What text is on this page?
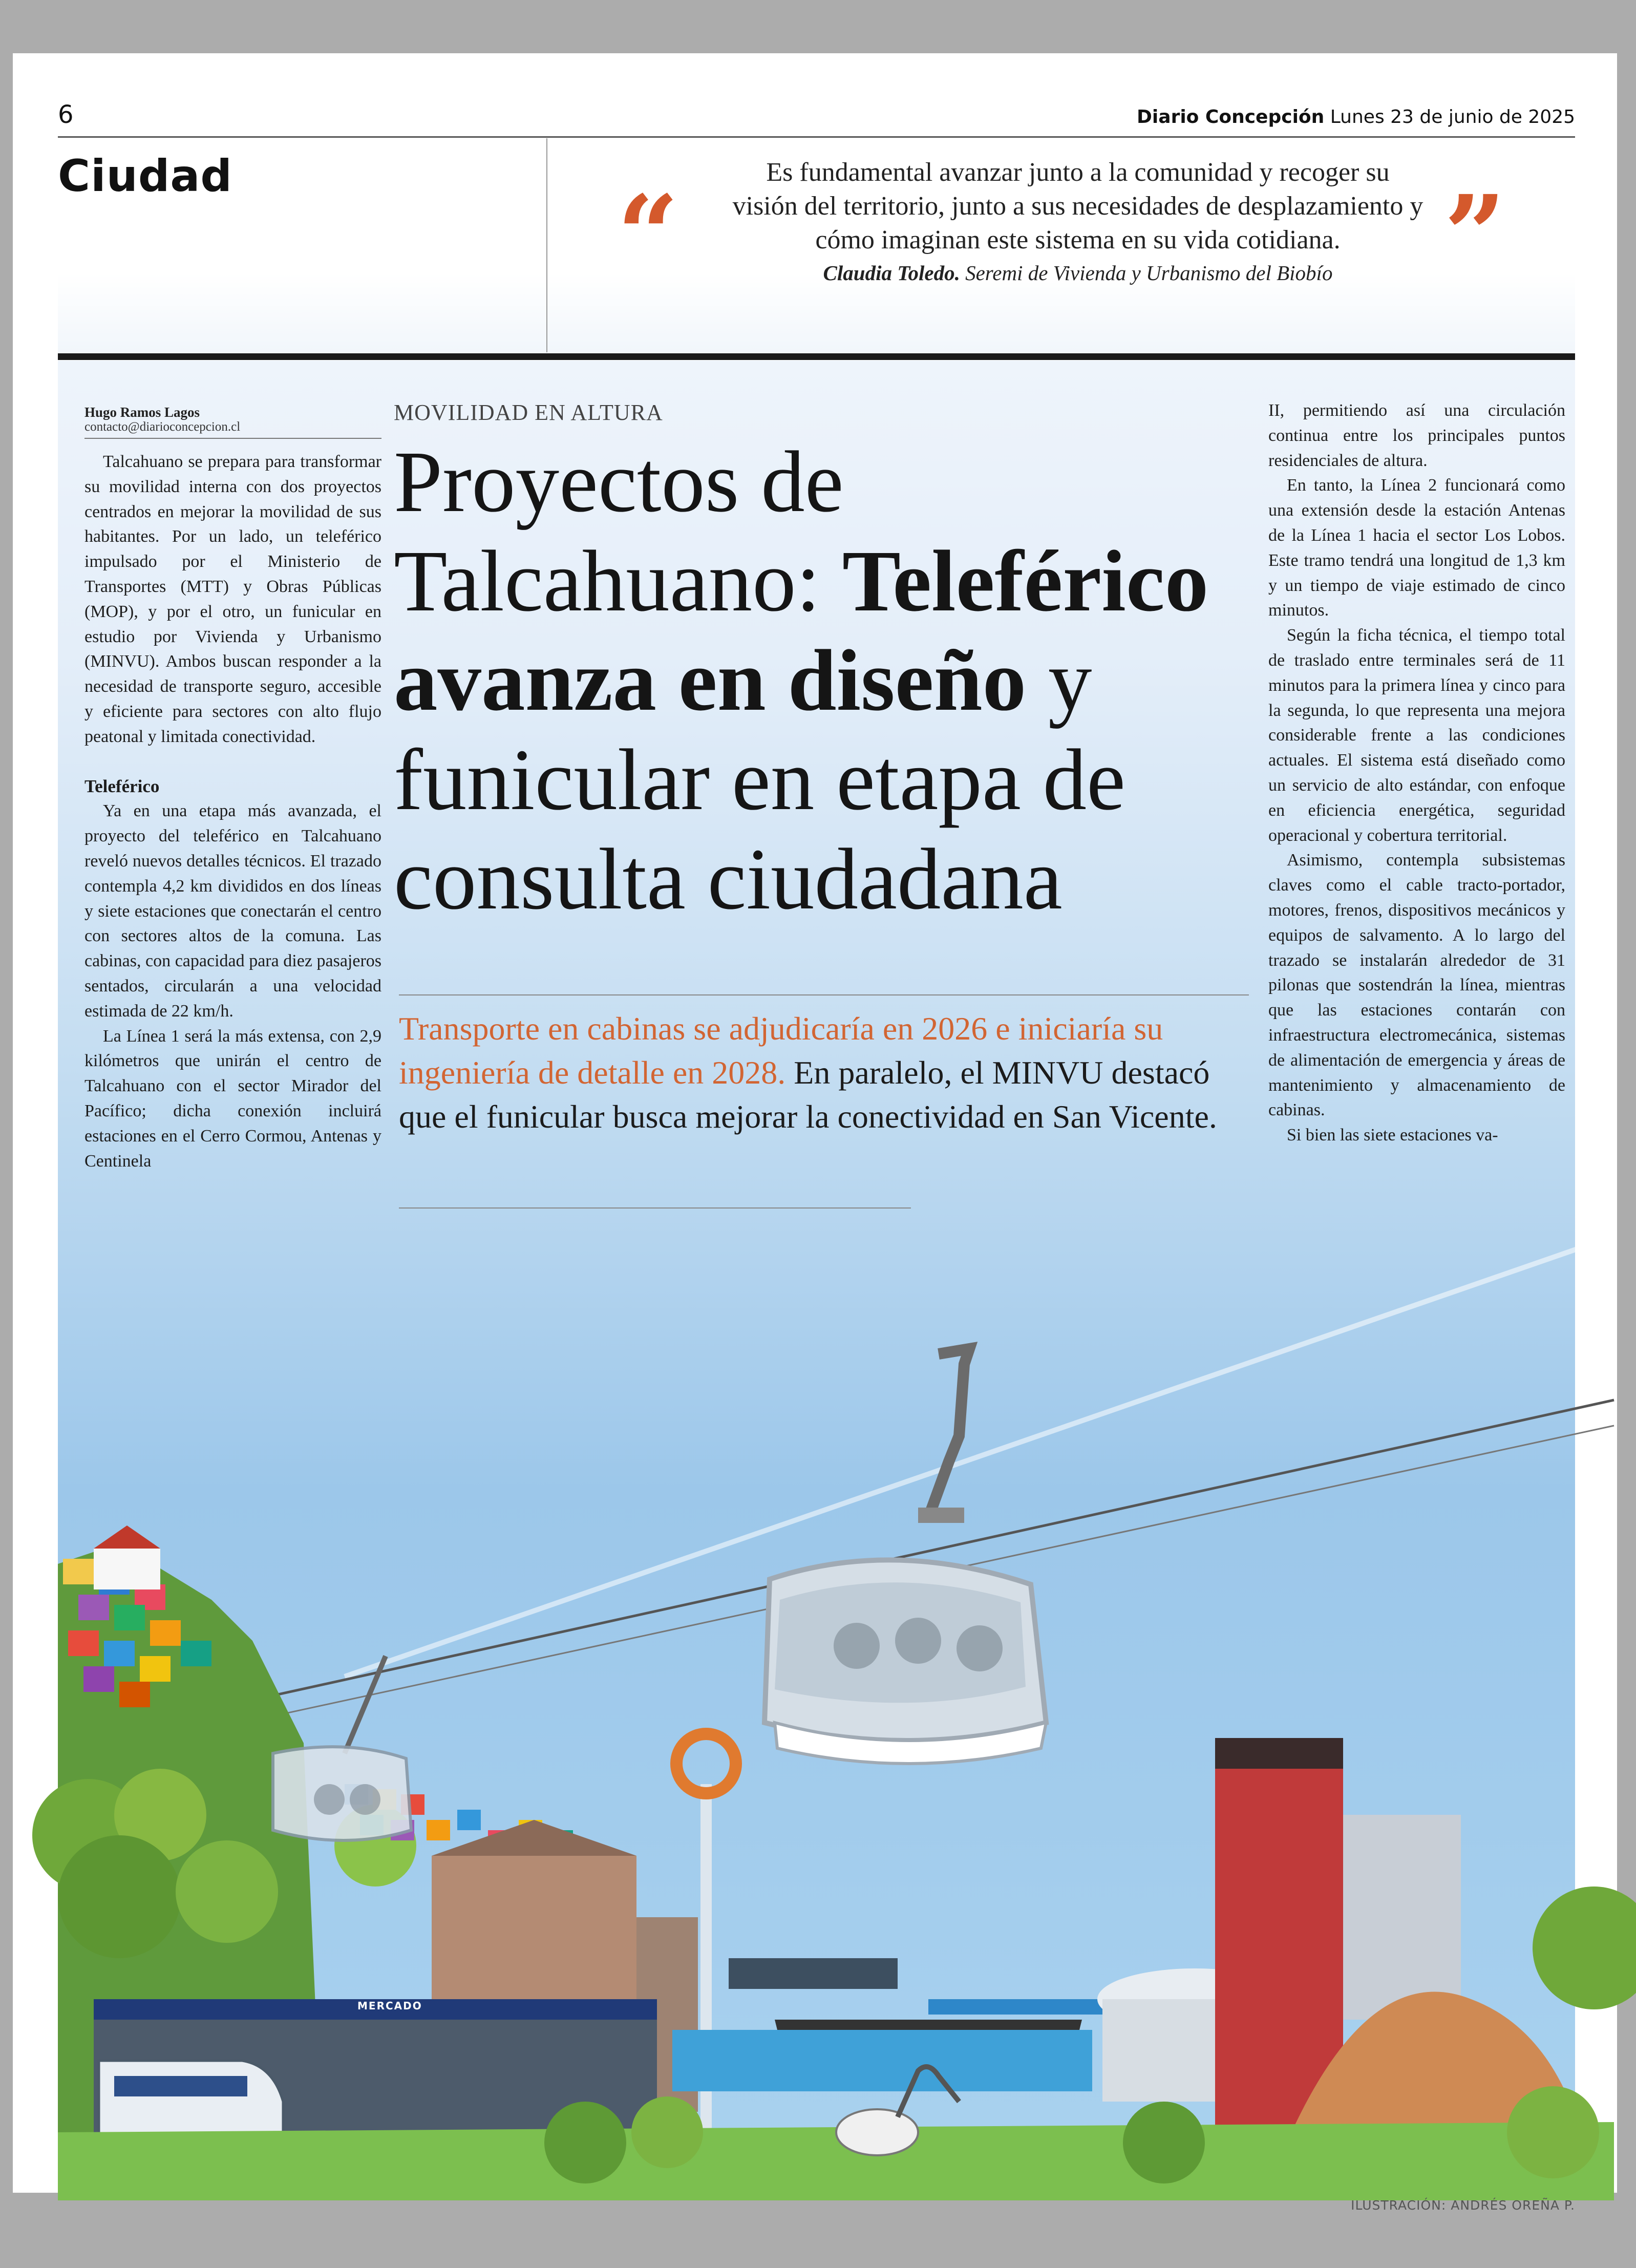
6	Diario Concepción Lunes 23 de junio de 2025
Ciudad	“	Es fundamental avanzar junto a la comunidad y recoger su
visión del territorio, junto a sus necesidades de desplazamiento y
cómo imaginan este sistema en su vida cotidiana. ”
Claudia Toledo. Seremi de Vivienda y Urbanismo del Biobío
MERCADO
Hugo Ramos Lagos
contacto@diarioconcepcion.cl

Talcahuano se prepara para transformar su movilidad interna con dos proyectos centrados en mejorar la movilidad de sus habitantes. Por un lado, un teleférico impulsado por el Ministerio de Transportes (MTT) y Obras Públicas (MOP), y por el otro, un funicular en estudio por Vivienda y Urbanismo (MINVU). Ambos buscan responder a la necesidad de transporte seguro, accesible y eficiente para sectores con alto flujo peatonal y limitada conectividad.

Teleférico

Ya en una etapa más avanzada, el proyecto del teleférico en Talcahuano reveló nuevos detalles técnicos. El trazado contempla 4,2 km divididos en dos líneas y siete estaciones que conectarán el centro con sectores altos de la comuna. Las cabinas, con capacidad para diez pasajeros sentados, circularán a una velocidad estimada de 22 km/h.

La Línea 1 será la más extensa, con 2,9 kilómetros que unirán el centro de Talcahuano con el sector Mirador del Pacífico; dicha conexión incluirá estaciones en el Cerro Cormou, Antenas y Centinela

MOVILIDAD EN ALTURA
Proyectos de Talcahuano: Teleférico avanza en diseño y funicular en etapa de consulta ciudadana
Transporte en cabinas se adjudicaría en 2026 e iniciaría su ingeniería de detalle en 2028. En paralelo, el MINVU destacó que el funicular busca mejorar la conectividad en San Vicente.

II, permitiendo así una circulación continua entre los principales puntos residenciales de altura.

En tanto, la Línea 2 funcionará como una extensión desde la estación Antenas de la Línea 1 hacia el sector Los Lobos. Este tramo tendrá una longitud de 1,3 km y un tiempo de viaje estimado de cinco minutos.

Según la ficha técnica, el tiempo total de traslado entre terminales será de 11 minutos para la primera línea y cinco para la segunda, lo que representa una mejora considerable frente a las condiciones actuales. El sistema está diseñado como un servicio de alto estándar, con enfoque en eficiencia energética, seguridad operacional y cobertura territorial.

Asimismo, contempla subsistemas claves como el cable tracto-portador, motores, frenos, dispositivos mecánicos y equipos de salvamento. A lo largo del trazado se instalarán alrededor de 31 pilonas que sostendrán la línea, mientras que las estaciones contarán con infraestructura electromecánica, sistemas de alimentación de emergencia y áreas de mantenimiento y almacenamiento de cabinas.

Si bien las siete estaciones va-

ILUSTRACIÓN: ANDRÉS OREÑA P.
